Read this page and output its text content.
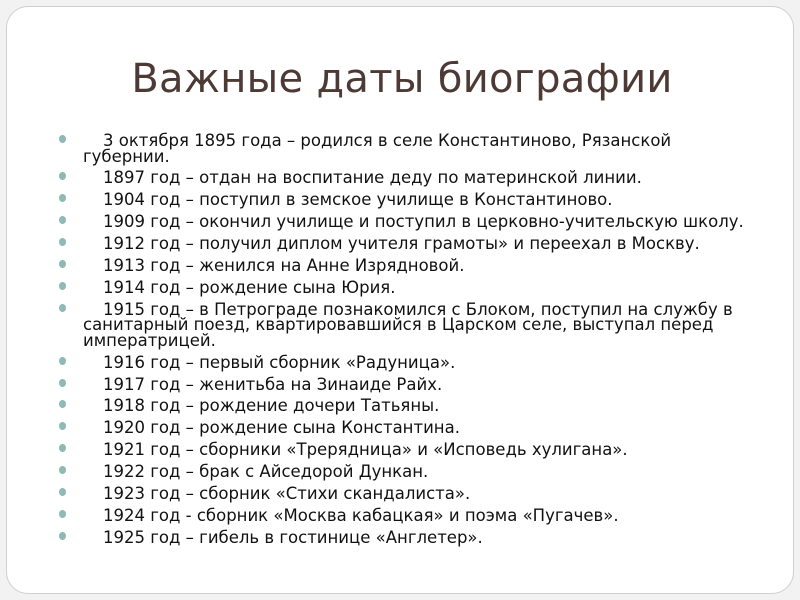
Важные даты биографии
3 октября 1895 года – родился в селе Константиново, Рязанской губернии.
1897 год – отдан на воспитание деду по материнской линии.
1904 год – поступил в земское училище в Константиново.
1909 год – окончил училище и поступил в церковно-учительскую школу.
1912 год – получил диплом учителя грамоты» и переехал в Москву.
1913 год – женился на Анне Изрядновой.
1914 год – рождение сына Юрия.
1915 год – в Петрограде познакомился с Блоком, поступил на службу в санитарный поезд, квартировавшийся в Царском селе, выступал перед императрицей.
1916 год – первый сборник «Радуница».
1917 год – женитьба на Зинаиде Райх.
1918 год – рождение дочери Татьяны.
1920 год – рождение сына Константина.
1921 год – сборники «Трерядница» и «Исповедь хулигана».
1922 год – брак с Айседорой Дункан.
1923 год – сборник «Стихи скандалиста».
1924 год - сборник «Москва кабацкая» и поэма «Пугачев».
1925 год – гибель в гостинице «Англетер».
